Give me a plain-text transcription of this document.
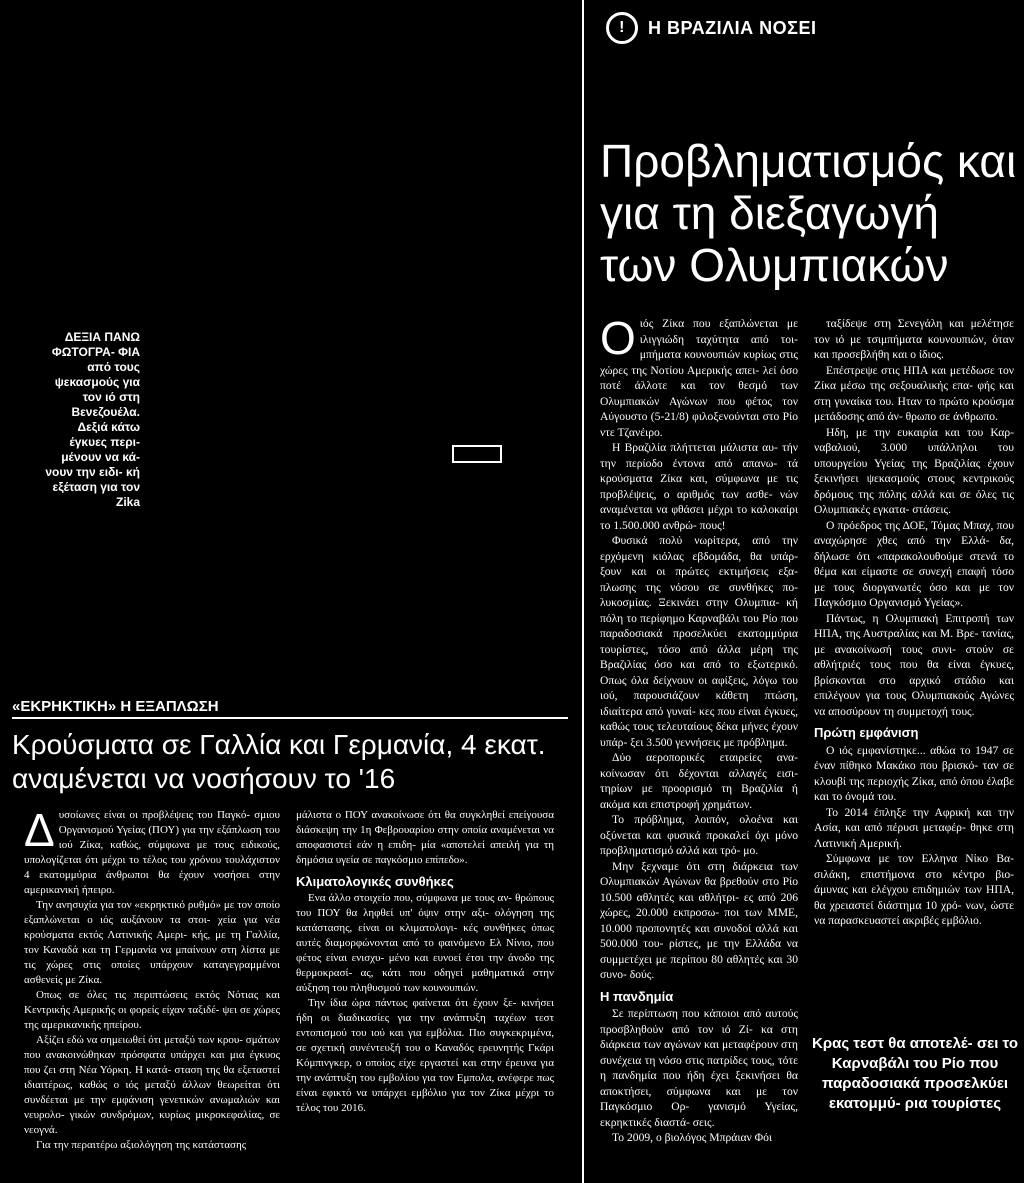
ΔΕΞΙΑ ΠΑΝΩ ΦΩΤΟΓΡΑ- ΦΙΑ από τους ψεκασμούς για τον ιό στη Βενεζουέλα. Δεξιά κάτω έγκυες περι- μένουν να κά- νουν την ειδι- κή εξέταση για τον Zika
!	Η ΒΡΑΖΙΛΙΑ ΝΟΣΕΙ
Προβληματισμός και για τη διεξαγωγή των Ολυμπιακών
Ο ιός Ζίκα που εξαπλώνεται με ιλιγγιώδη ταχύτητα από τοι- μπήματα κουνουπιών κυρίως στις χώρες της Νοτίου Αμερικής απει- λεί όσο ποτέ άλλοτε και τον θεσμό των Ολυμπιακών Αγώνων που φέτος τον Αύγουστο (5-21/8) φιλοξενούνται στο Ρίο ντε Τζανέιρο.

Η Βραζιλία πλήττεται μάλιστα αυ- τήν την περίοδο έντονα από απανω- τά κρούσματα Ζίκα και, σύμφωνα με τις προβλέψεις, ο αριθμός των ασθε- νών αναμένεται να φθάσει μέχρι το καλοκαίρι το 1.500.000 ανθρώ- πους!

Φυσικά πολύ νωρίτερα, από την ερχόμενη κιόλας εβδομάδα, θα υπάρ- ξουν και οι πρώτες εκτιμήσεις εξα- πλωσης της νόσου σε συνθήκες πο- λυκοσμίας. Ξεκινάει στην Ολυμπια- κή πόλη το περίφημο Καρναβάλι του Ρίο που παραδοσιακά προσελκύει εκατομμύρια τουρίστες, τόσο από άλλα μέρη της Βραζιλίας όσο και από το εξωτερικό. Οπως όλα δείχνουν οι αφίξεις, λόγω του ιού, παρουσιάζουν κάθετη πτώση, ιδιαίτερα από γυναί- κες που είναι έγκυες, καθώς τους τελευταίους δέκα μήνες έχουν υπάρ- ξει 3.500 γεννήσεις με πρόβλημα.

Δύο αεροπορικές εταιρείες ανα- κοίνωσαν ότι δέχονται αλλαγές εισι- τηρίων με προορισμό τη Βραζιλία ή ακόμα και επιστροφή χρημάτων.

Το πρόβλημα, λοιπόν, ολοένα και οξύνεται και φυσικά προκαλεί όχι μόνο προβληματισμό αλλά και τρό- μο.

Μην ξεχναμε ότι στη διάρκεια των Ολυμπιακών Αγώνων θα βρεθούν στο Ρίο 10.500 αθλητές και αθλήτρι- ες από 206 χώρες, 20.000 εκπροσω- ποι των ΜΜΕ, 10.000 προπονητές και συνοδοί αλλά και 500.000 του- ρίστες, με την Ελλάδα να συμμετέχει με περίπου 80 αθλητές και 30 συνο- δούς.

Η πανδημία

Σε περίπτωση που κάποιοι από αυτούς προσβληθούν από τον ιό Ζί- κα στη διάρκεια των αγώνων και μεταφέρουν στη συνέχεια τη νόσο στις πατρίδες τους, τότε η πανδημία που ήδη έχει ξεκινήσει θα αποκτήσει, σύμφωνα και με τον Παγκόσμιο Ορ- γανισμό Υγείας, εκρηκτικές διαστά- σεις.

Το 2009, ο βιολόγος Μπράιαν Φόι

ταξίδεψε στη Σενεγάλη και μελέτησε τον ιό με τσιμπήματα κουνουπιών, όταν και προσεβλήθη και ο ίδιος.

Επέστρεψε στις ΗΠΑ και μετέδωσε τον Ζίκα μέσω της σεξουαλικής επα- φής και στη γυναίκα του. Ηταν το πρώτο κρούσμα μετάδοσης από άν- θρωπο σε άνθρωπο.

Ηδη, με την ευκαιρία και του Καρ- ναβαλιού, 3.000 υπάλληλοι του υπουργείου Υγείας της Βραζιλίας έχουν ξεκινήσει ψεκασμούς στους κεντρικούς δρόμους της πόλης αλλά και σε όλες τις Ολυμπιακές εγκατα- στάσεις.

Ο πρόεδρος της ΔΟΕ, Τόμας Μπαχ, που αναχώρησε χθες από την Ελλά- δα, δήλωσε ότι «παρακολουθούμε στενά το θέμα και είμαστε σε συνεχή επαφή τόσο με τους διοργανωτές όσο και με τον Παγκόσμιο Οργανισμό Υγείας».

Πάντως, η Ολυμπιακή Επιτροπή των ΗΠΑ, της Αυστραλίας και Μ. Βρε- τανίας, με ανακοίνωσή τους συνι- στούν σε αθλήτριές τους που θα είναι έγκυες, βρίσκονται στο αρχικό στάδιο και επιλέγουν για τους Ολυμπιακούς Αγώνες να αποσύρουν τη συμμετοχή τους.

Πρώτη εμφάνιση

Ο ιός εμφανίστηκε... αθώα το 1947 σε έναν πίθηκο Μακάκο που βρισκό- ταν σε κλουβί της περιοχής Ζίκα, από όπου έλαβε και το όνομά του.

Το 2014 έπληξε την Αφρική και την Ασία, και από πέρυσι μεταφέρ- θηκε στη Λατινική Αμερική.

Σύμφωνα με τον Ελληνα Νίκο Βα- σιλάκη, επιστήμονα στο κέντρο βιο- άμυνας και ελέγχου επιδημιών των ΗΠΑ, θα χρειαστεί διάστημα 10 χρό- νων, ώστε να παρασκευαστεί ακριβές εμβόλιο.

Κρας τεστ θα αποτελέ- σει το Καρναβάλι του Ρίο που παραδοσιακά προσελκύει εκατομμύ- ρια τουρίστες
«ΕΚΡΗΚΤΙΚΗ» Η ΕΞΑΠΛΩΣΗ
Κρούσματα σε Γαλλία και Γερμανία, 4 εκατ. αναμένεται να νοσήσουν το '16
Δ υσοίωνες είναι οι προβλέψεις του Παγκό- σμιου Οργανισμού Υγείας (ΠΟΥ) για την εξάπλωση του ιού Ζίκα, καθώς, σύμφωνα με τους ειδικούς, υπολογίζεται ότι μέχρι το τέλος του χρόνου τουλάχιστον 4 εκατομμύρια άνθρωποι θα έχουν νοσήσει στην αμερικανική ήπειρο.

Την ανησυχία για τον «εκρηκτικό ρυθμό» με τον οποίο εξαπλώνεται ο ιός αυξάνουν τα στοι- χεία για νέα κρούσματα εκτός Λατινικής Αμερι- κής, με τη Γαλλία, τον Καναδά και τη Γερμανία να μπαίνουν στη λίστα με τις χώρες στις οποίες υπάρχουν καταγεγραμμένοι ασθενείς με Ζίκα.

Οπως σε όλες τις περιπτώσεις εκτός Νότιας και Κεντρικής Αμερικής οι φορείς είχαν ταξιδέ- ψει σε χώρες της αμερικανικής ηπείρου.

Αξίζει εδώ να σημειωθεί ότι μεταξύ των κρου- σμάτων που ανακοινώθηκαν πρόσφατα υπάρχει και μια έγκυος που ζει στη Νέα Υόρκη. Η κατά- σταση της θα εξεταστεί ιδιαιτέρως, καθώς ο ιός μεταξύ άλλων θεωρείται ότι συνδέεται με την εμφάνιση γενετικών ανωμαλιών και νευρολο- γικών συνδρόμων, κυρίως μικροκεφαλίας, σε νεογνά.

Για την περαιτέρω αξιολόγηση της κατάστασης

μάλιστα ο ΠΟΥ ανακοίνωσε ότι θα συγκληθεί επείγουσα διάσκεψη την 1η Φεβρουαρίου στην οποία αναμένεται να αποφασιστεί εάν η επιδη- μία «αποτελεί απειλή για τη δημόσια υγεία σε παγκόσμιο επίπεδο».

Κλιματολογικές συνθήκες

Ενα άλλο στοιχείο που, σύμφωνα με τους αν- θρώπους του ΠΟΥ θα ληφθεί υπ' όψιν στην αξι- ολόγηση της κατάστασης, είναι οι κλιματολογι- κές συνθήκες όπως αυτές διαμορφώνονται από το φαινόμενο Ελ Νίνιο, που φέτος είναι ενισχυ- μένο και ευνοεί έτσι την άνοδο της θερμοκρασί- ας, κάτι που οδηγεί μαθηματικά στην αύξηση του πληθυσμού των κουνουπιών.

Την ίδια ώρα πάντως φαίνεται ότι έχουν ξε- κινήσει ήδη οι διαδικασίες για την ανάπτυξη ταχέων τεστ εντοπισμού του ιού και για εμβόλια. Πιο συγκεκριμένα, σε σχετική συνέντευξή του ο Καναδός ερευνητής Γκάρι Κόμπινγκερ, ο οποίος είχε εργαστεί και στην έρευνα για την ανάπτυξη του εμβολίου για τον Εμπολα, ανέφερε πως είναι εφικτό να υπάρχει εμβόλιο για τον Ζίκα μέχρι το τέλος του 2016.
